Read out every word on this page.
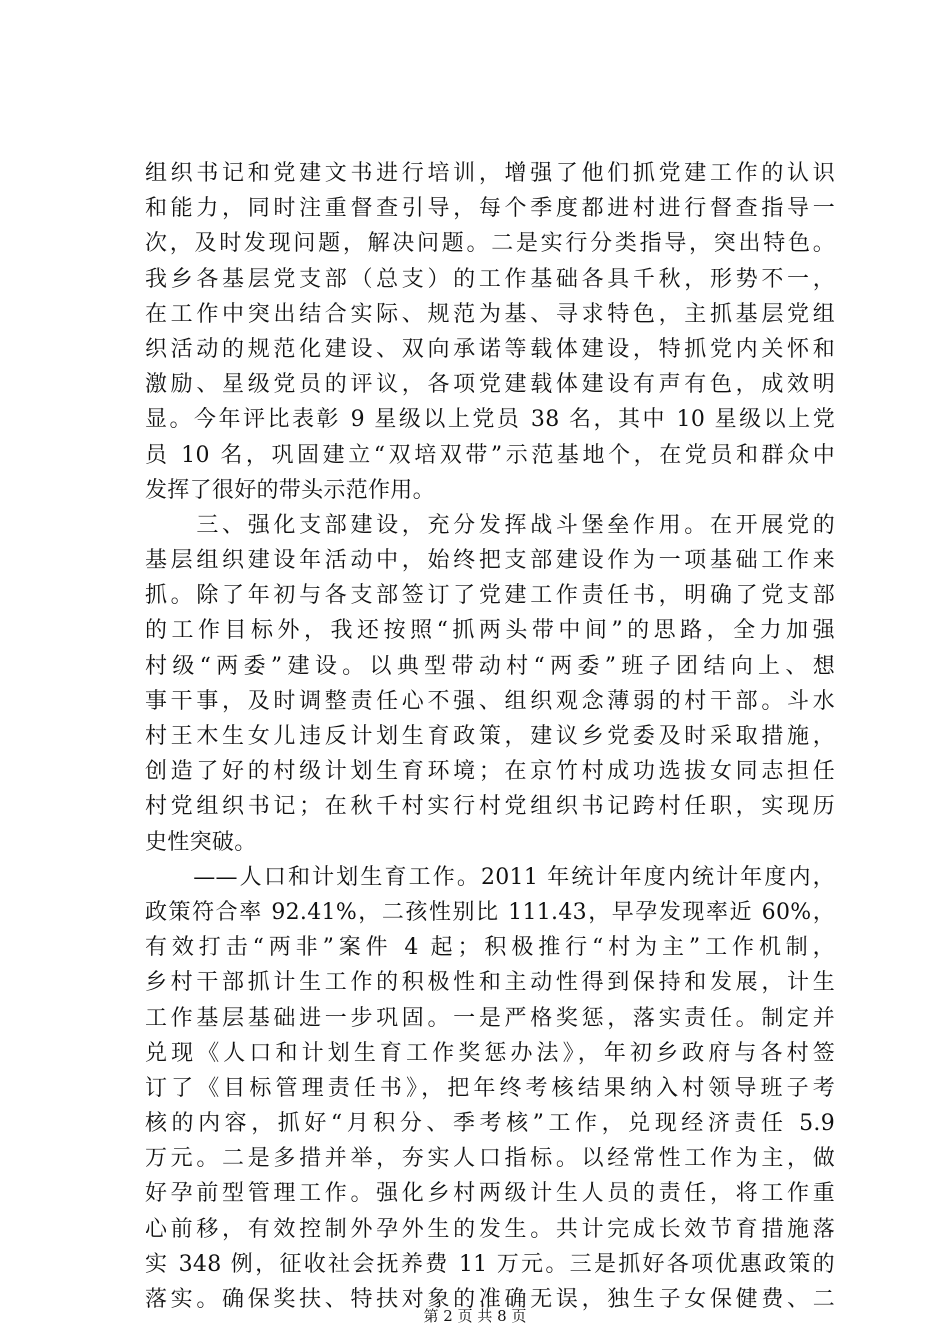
组织书记和党建文书进行培训，增强了他们抓党建工作的认识
和能力，同时注重督查引导，每个季度都进村进行督查指导一
次，及时发现问题，解决问题。二是实行分类指导，突出特色。
我乡各基层党支部（总支）的工作基础各具千秋，形势不一，
在工作中突出结合实际、规范为基、寻求特色，主抓基层党组
织活动的规范化建设、双向承诺等载体建设，特抓党内关怀和
激励、星级党员的评议，各项党建载体建设有声有色，成效明
显。今年评比表彰 9 星级以上党员 38 名，其中 10 星级以上党
员 10 名，巩固建立“双培双带”示范基地个，在党员和群众中
发挥了很好的带头示范作用。
　　三、强化支部建设，充分发挥战斗堡垒作用。在开展党的
基层组织建设年活动中，始终把支部建设作为一项基础工作来
抓。除了年初与各支部签订了党建工作责任书，明确了党支部
的工作目标外，我还按照“抓两头带中间”的思路，全力加强
村级“两委”建设。以典型带动村“两委”班子团结向上、想
事干事，及时调整责任心不强、组织观念薄弱的村干部。斗水
村王木生女儿违反计划生育政策，建议乡党委及时采取措施，
创造了好的村级计划生育环境；在京竹村成功选拔女同志担任
村党组织书记；在秋千村实行村党组织书记跨村任职，实现历
史性突破。
　　——人口和计划生育工作。2011 年统计年度内统计年度内，
政策符合率 92.41%，二孩性别比 111.43，早孕发现率近 60%，
有效打击“两非”案件 4 起；积极推行“村为主”工作机制，
乡村干部抓计生工作的积极性和主动性得到保持和发展，计生
工作基层基础进一步巩固。一是严格奖惩，落实责任。制定并
兑现《人口和计划生育工作奖惩办法》，年初乡政府与各村签
订了《目标管理责任书》，把年终考核结果纳入村领导班子考
核的内容，抓好“月积分、季考核”工作，兑现经济责任 5.9
万元。二是多措并举，夯实人口指标。以经常性工作为主，做
好孕前型管理工作。强化乡村两级计生人员的责任，将工作重
心前移，有效控制外孕外生的发生。共计完成长效节育措施落
实 348 例，征收社会抚养费 11 万元。三是抓好各项优惠政策的
落实。确保奖扶、特扶对象的准确无误，独生子女保健费、二
第 2 页 共 8 页
